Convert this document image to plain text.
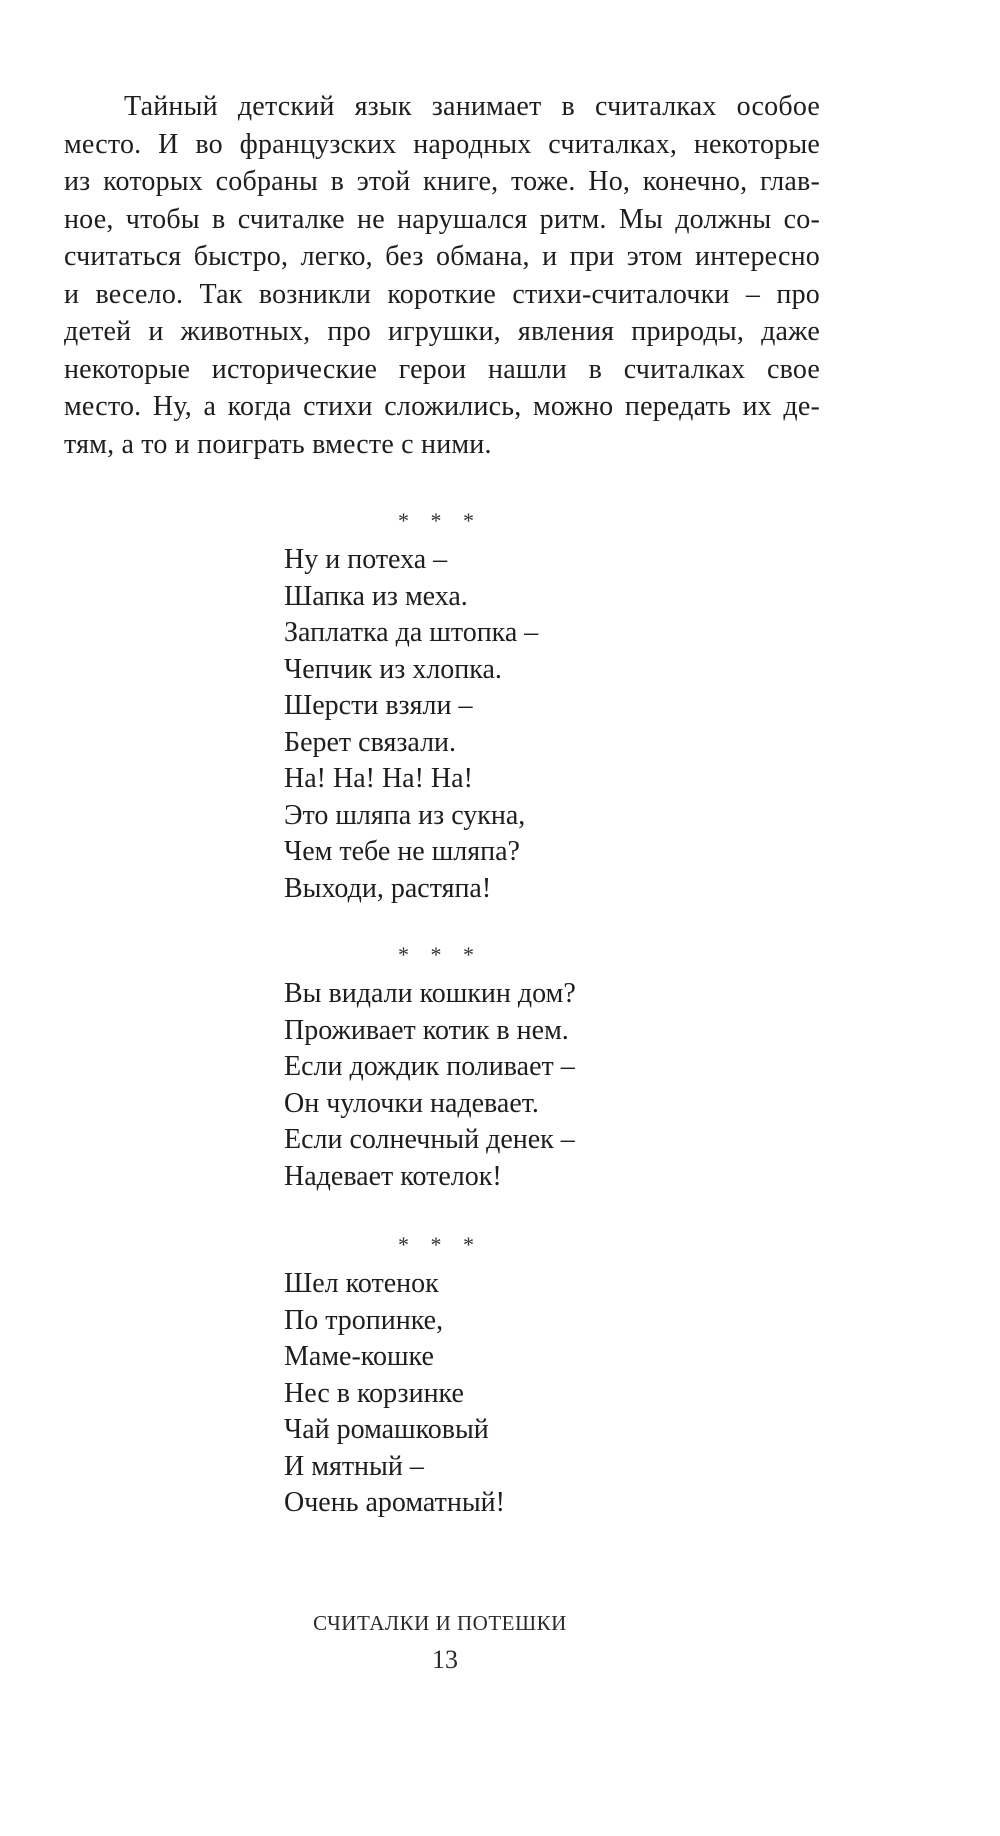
Тайный детский язык занимает в считалках особое
место. И во французских народных считалках, некоторые
из которых собраны в этой книге, тоже. Но, конечно, глав-
ное, чтобы в считалке не нарушался ритм. Мы должны со-
считаться быстро, легко, без обмана, и при этом интересно
и весело. Так возникли короткие стихи-считалочки – про
детей и животных, про игрушки, явления природы, даже
некоторые исторические герои нашли в считалках свое
место. Ну, а когда стихи сложились, можно передать их де-
тям, а то и поиграть вместе с ними.
* * *
Ну и потеха –
Шапка из меха.
Заплатка да штопка –
Чепчик из хлопка.
Шерсти взяли –
Берет связали.
На! На! На! На!
Это шляпа из сукна,
Чем тебе не шляпа?
Выходи, растяпа!
* * *
Вы видали кошкин дом?
Проживает котик в нем.
Если дождик поливает –
Он чулочки надевает.
Если солнечный денек –
Надевает котелок!
* * *
Шел котенок
По тропинке,
Маме-кошке
Нес в корзинке
Чай ромашковый
И мятный –
Очень ароматный!
СЧИТАЛКИ И ПОТЕШКИ
13
